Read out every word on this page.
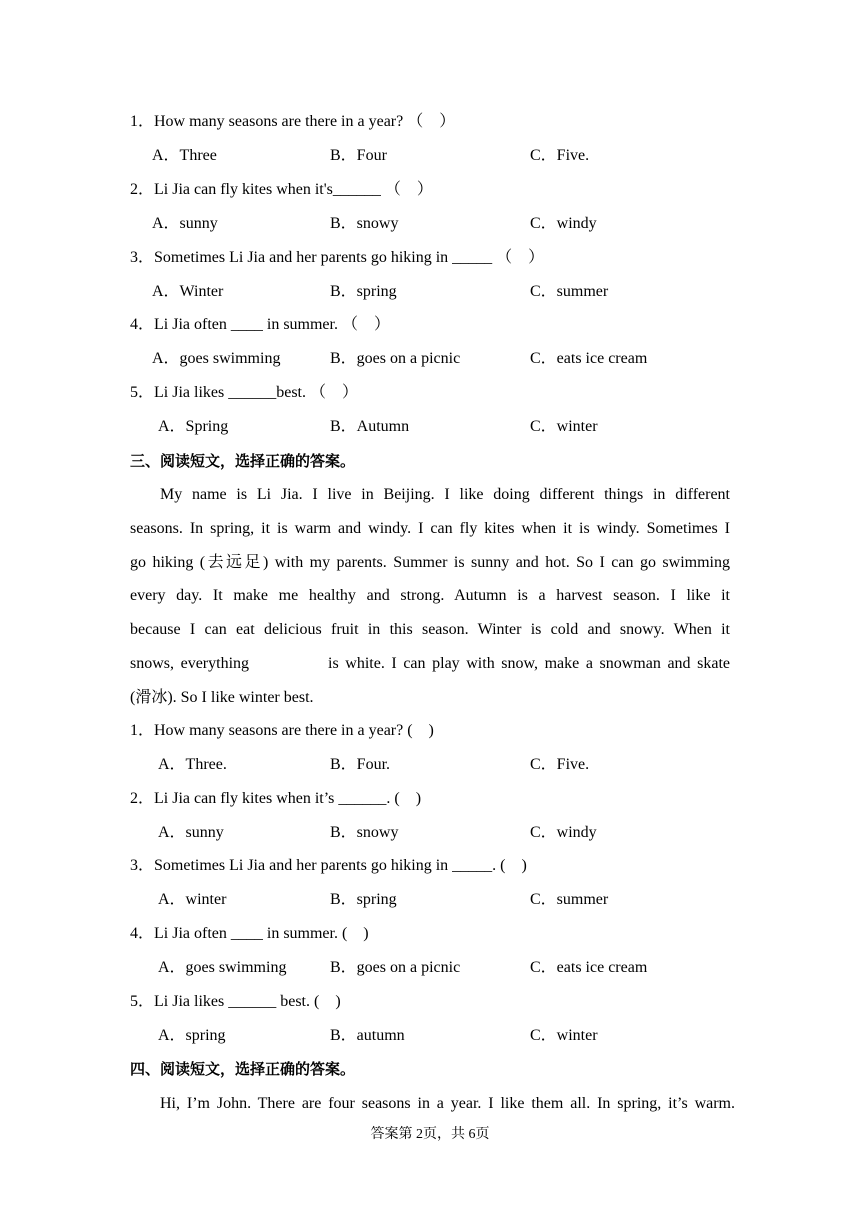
1．How many seasons are there in a year? （　）
A．Three	B．Four	C．Five.
2．Li Jia can fly kites when it's______ （　）
A．sunny	B．snowy	C．windy
3．Sometimes Li Jia and her parents go hiking in _____ （　）
A．Winter	B．spring	C．summer
4．Li Jia often ____ in summer. （　）
A．goes swimming	B．goes on a picnic	C．eats ice cream
5．Li Jia likes ______best. （　）
A．Spring	B．Autumn	C．winter
三、阅读短文，选择正确的答案。
My name is Li Jia. I live in Beijing. I like doing different things in different
seasons. In spring, it is warm and windy. I can fly kites when it is windy. Sometimes I
go hiking (去远足) with my parents. Summer is sunny and hot. So I can go swimming
every day. It make me healthy and strong. Autumn is a harvest season. I like it
because I can eat delicious fruit in this season. Winter is cold and snowy. When it
snows, everything            is white. I can play with snow, make a snowman and skate
(滑冰). So I like winter best.
1．How many seasons are there in a year? (　)
A．Three.	B．Four.	C．Five.
2．Li Jia can fly kites when it’s ______. (　)
A．sunny	B．snowy	C．windy
3．Sometimes Li Jia and her parents go hiking in _____. (　)
A．winter	B．spring	C．summer
4．Li Jia often ____ in summer. (　)
A．goes swimming	B．goes on a picnic	C．eats ice cream
5．Li Jia likes ______ best. (　)
A．spring	B．autumn	C．winter
四、阅读短文，选择正确的答案。
Hi, I’m John. There are four seasons in a year. I like them all. In spring, it’s warm.
答案第 2页，共 6页
